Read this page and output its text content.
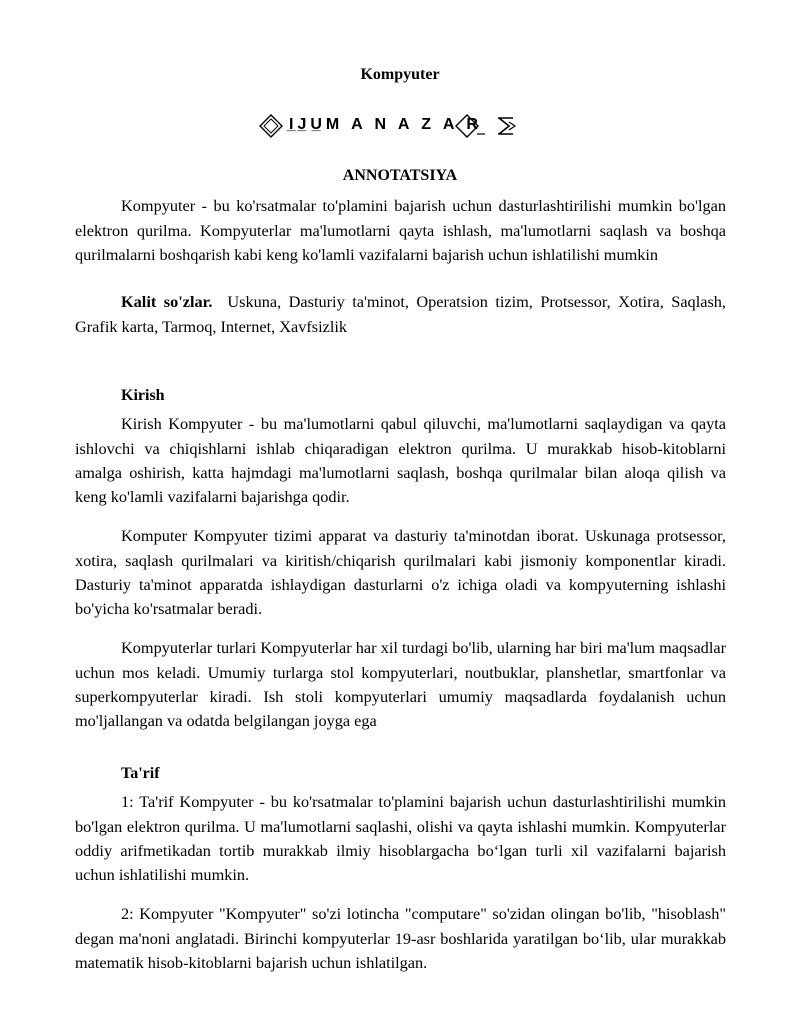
Kompyuter
I̲J̲U̲M A N A Z A R
ANNOTATSIYA

Kompyuter - bu ko'rsatmalar to'plamini bajarish uchun dasturlashtirilishi mumkin bo'lgan elektron qurilma. Kompyuterlar ma'lumotlarni qayta ishlash, ma'lumotlarni saqlash va boshqa qurilmalarni boshqarish kabi keng ko'lamli vazifalarni bajarish uchun ishlatilishi mumkin

Kalit so'zlar. Uskuna, Dasturiy ta'minot, Operatsion tizim, Protsessor, Xotira, Saqlash, Grafik karta, Tarmoq, Internet, Xavfsizlik

Kirish

Kirish Kompyuter - bu ma'lumotlarni qabul qiluvchi, ma'lumotlarni saqlaydigan va qayta ishlovchi va chiqishlarni ishlab chiqaradigan elektron qurilma. U murakkab hisob-kitoblarni amalga oshirish, katta hajmdagi ma'lumotlarni saqlash, boshqa qurilmalar bilan aloqa qilish va keng ko'lamli vazifalarni bajarishga qodir.

Komputer Kompyuter tizimi apparat va dasturiy ta'minotdan iborat. Uskunaga protsessor, xotira, saqlash qurilmalari va kiritish/chiqarish qurilmalari kabi jismoniy komponentlar kiradi. Dasturiy ta'minot apparatda ishlaydigan dasturlarni o'z ichiga oladi va kompyuterning ishlashi bo'yicha ko'rsatmalar beradi.

Kompyuterlar turlari Kompyuterlar har xil turdagi bo'lib, ularning har biri ma'lum maqsadlar uchun mos keladi. Umumiy turlarga stol kompyuterlari, noutbuklar, planshetlar, smartfonlar va superkompyuterlar kiradi. Ish stoli kompyuterlari umumiy maqsadlarda foydalanish uchun mo'ljallangan va odatda belgilangan joyga ega

Ta'rif

1: Ta'rif Kompyuter - bu ko'rsatmalar to'plamini bajarish uchun dasturlashtirilishi mumkin bo'lgan elektron qurilma. U ma'lumotlarni saqlashi, olishi va qayta ishlashi mumkin. Kompyuterlar oddiy arifmetikadan tortib murakkab ilmiy hisoblargacha bo‘lgan turli xil vazifalarni bajarish uchun ishlatilishi mumkin.

2: Kompyuter "Kompyuter" so'zi lotincha "computare" so'zidan olingan bo'lib, "hisoblash" degan ma'noni anglatadi. Birinchi kompyuterlar 19-asr boshlarida yaratilgan bo‘lib, ular murakkab matematik hisob-kitoblarni bajarish uchun ishlatilgan.
